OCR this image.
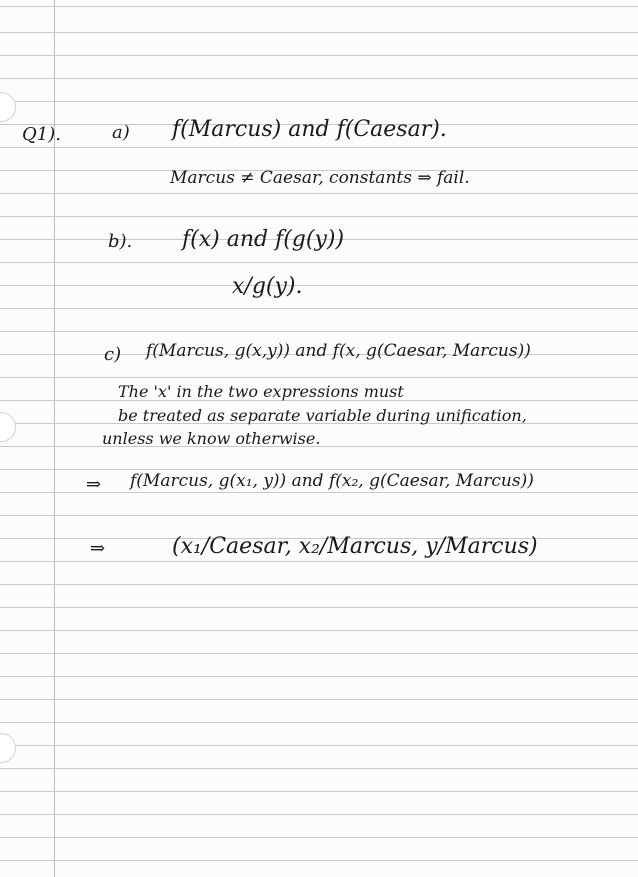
Q1).	a) f(Marcus) and f(Caesar).
Marcus ≠ Caesar, constants ⇒ fail.
b). f(x) and f(g(y))
x/g(y).
c) f(Marcus, g(x,y)) and f(x, g(Caesar, Marcus))
The 'x' in the two expressions must
be treated as separate variable during unification,
unless we know otherwise.
⇒ f(Marcus, g(x₁, y)) and f(x₂, g(Caesar, Marcus))
⇒	(x₁/Caesar, x₂/Marcus, y/Marcus)
